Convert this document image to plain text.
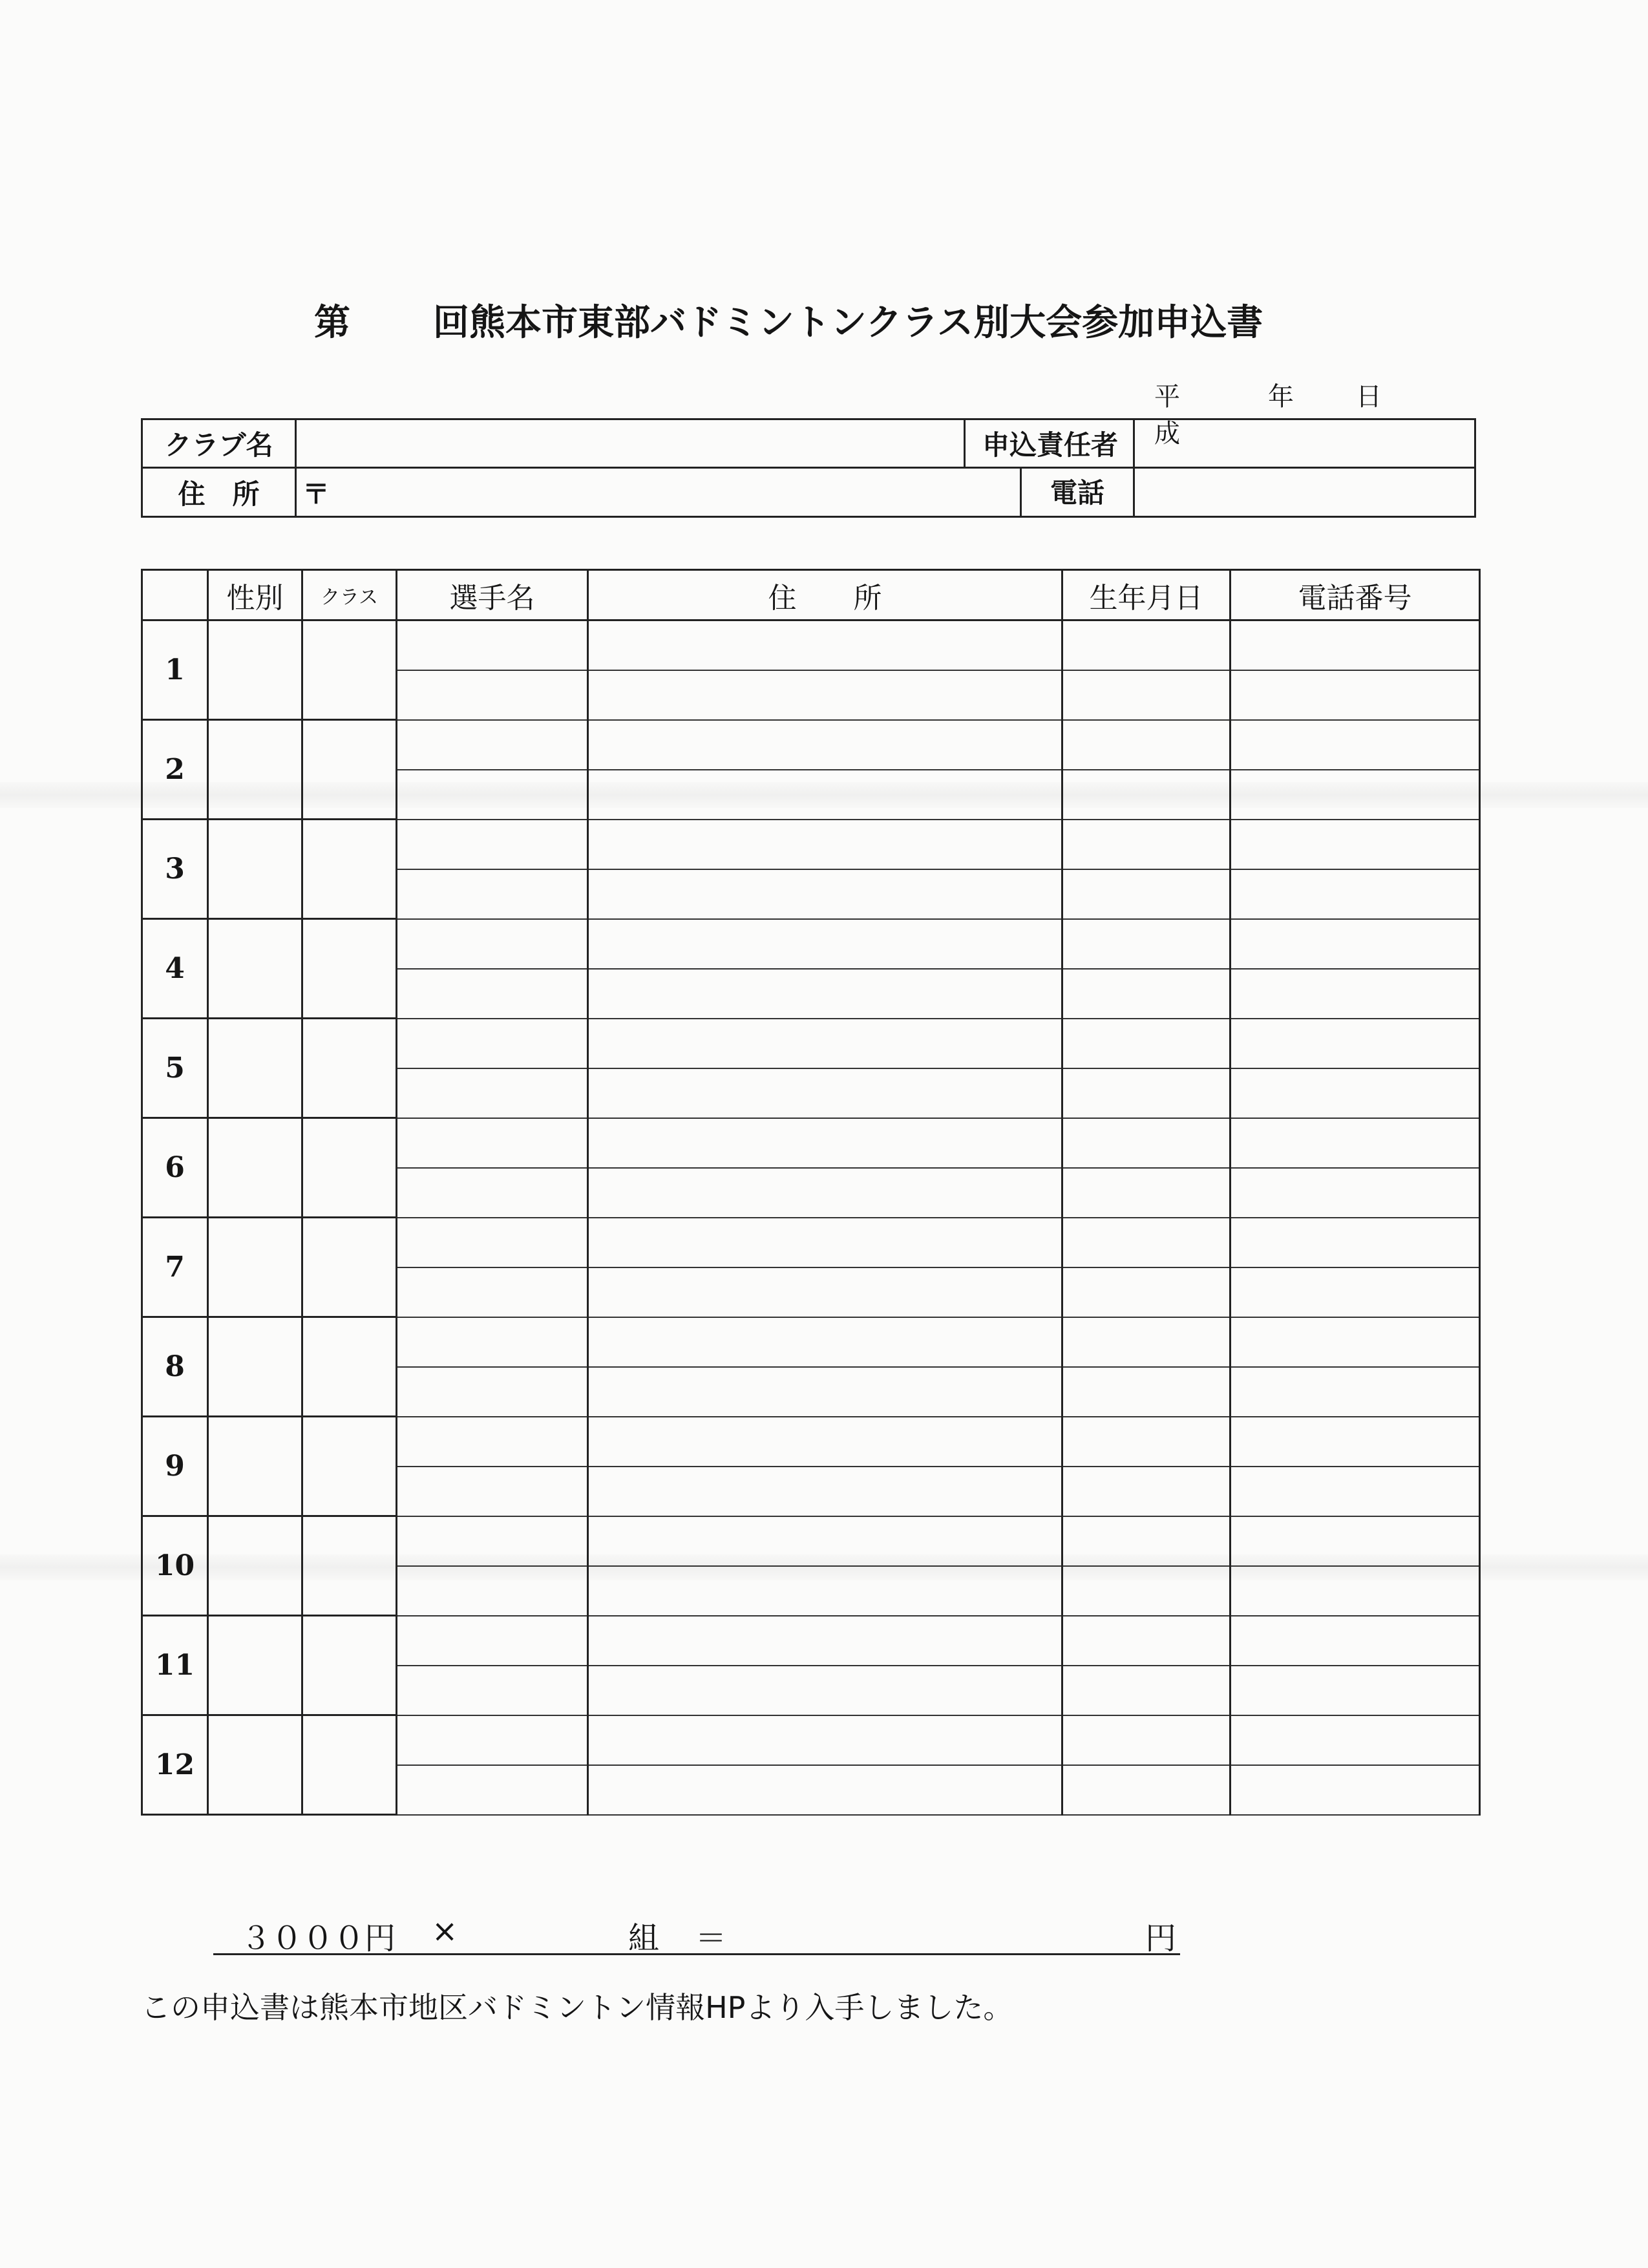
第 回熊本市東部バドミントンクラス別大会参加申込書
平成
年 日
クラブ名	申込責任者
住　所	〒	電話
	性別	クラス	選手名	住　　所	生年月日	電話番号
1						

2						

3						

4						

5						

6						

7						

8						

9						

10						

11						

12						

３０００円 ×	組 ＝	円
この申込書は熊本市地区バドミントン情報HPより入手しました。
